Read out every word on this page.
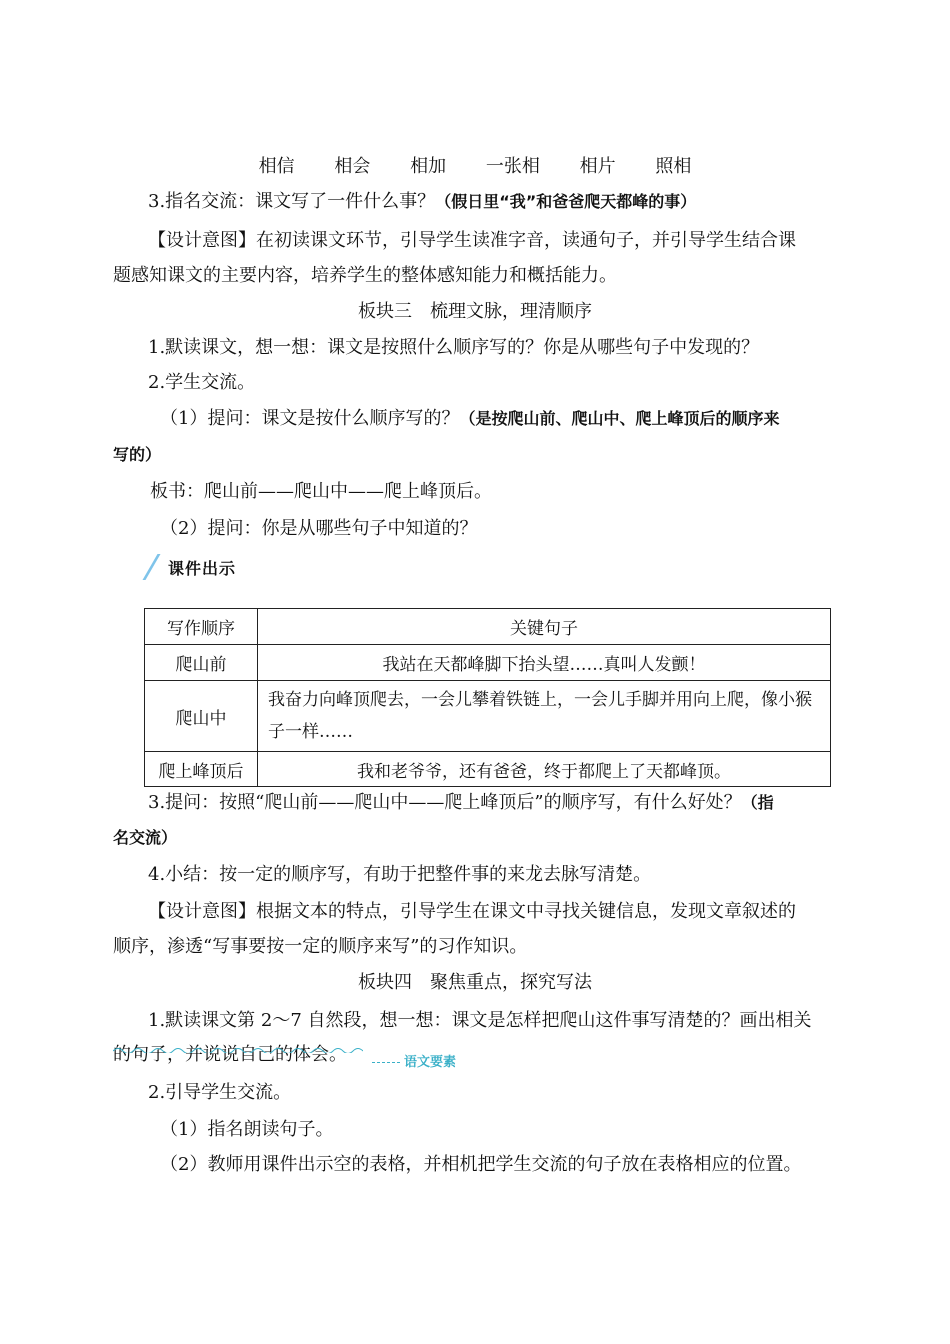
相信 相会 相加 一张相 相片 照相
3.指名交流：课文写了一件什么事？（假日里“我”和爸爸爬天都峰的事）
【设计意图】在初读课文环节，引导学生读准字音，读通句子，并引导学生结合课
题感知课文的主要内容，培养学生的整体感知能力和概括能力。
板块三　梳理文脉，理清顺序
1.默读课文，想一想：课文是按照什么顺序写的？你是从哪些句子中发现的？
2.学生交流。
（1）提问：课文是按什么顺序写的？（是按爬山前、爬山中、爬上峰顶后的顺序来
写的）
板书：爬山前——爬山中——爬上峰顶后。
（2）提问：你是从哪些句子中知道的？
课件出示
写作顺序	关键句子
爬山前	我站在天都峰脚下抬头望……真叫人发颤！
爬山中	我奋力向峰顶爬去，一会儿攀着铁链上，一会儿手脚并用向上爬，像小猴子一样……
爬上峰顶后	我和老爷爷，还有爸爸，终于都爬上了天都峰顶。
3.提问：按照“爬山前——爬山中——爬上峰顶后”的顺序写，有什么好处？（指
名交流）
4.小结：按一定的顺序写，有助于把整件事的来龙去脉写清楚。
【设计意图】根据文本的特点，引导学生在课文中寻找关键信息，发现文章叙述的
顺序，渗透“写事要按一定的顺序来写”的习作知识。
板块四　聚焦重点，探究写法
1.默读课文第 2～7 自然段，想一想：课文是怎样把爬山这件事写清楚的？画出相关
的句子，并说说自己的体会。	语文要素
2.引导学生交流。
（1）指名朗读句子。
（2）教师用课件出示空的表格，并相机把学生交流的句子放在表格相应的位置。
